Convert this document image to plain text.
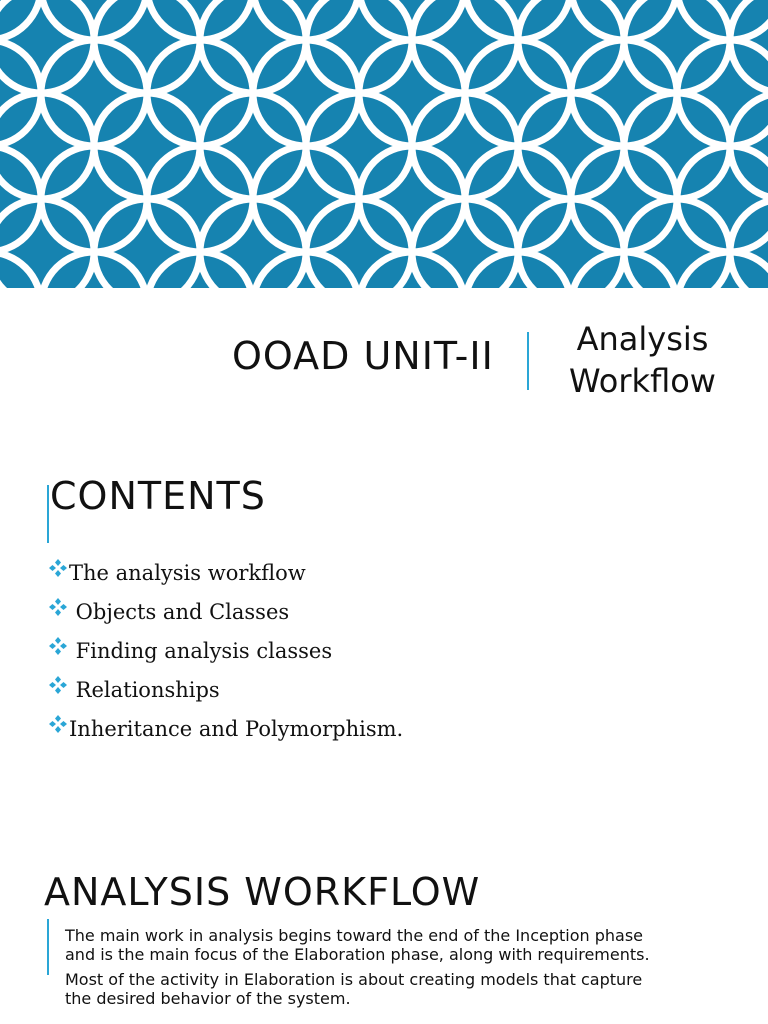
OOAD UNIT-II	Analysis
Workflow
CONTENTS
The analysis workflow
Objects and Classes
Finding analysis classes
Relationships
Inheritance and Polymorphism.
ANALYSIS WORKFLOW

The main work in analysis begins toward the end of the Inception phase and is the main focus of the Elaboration phase, along with requirements.

Most of the activity in Elaboration is about creating models that capture the desired behavior of the system.
